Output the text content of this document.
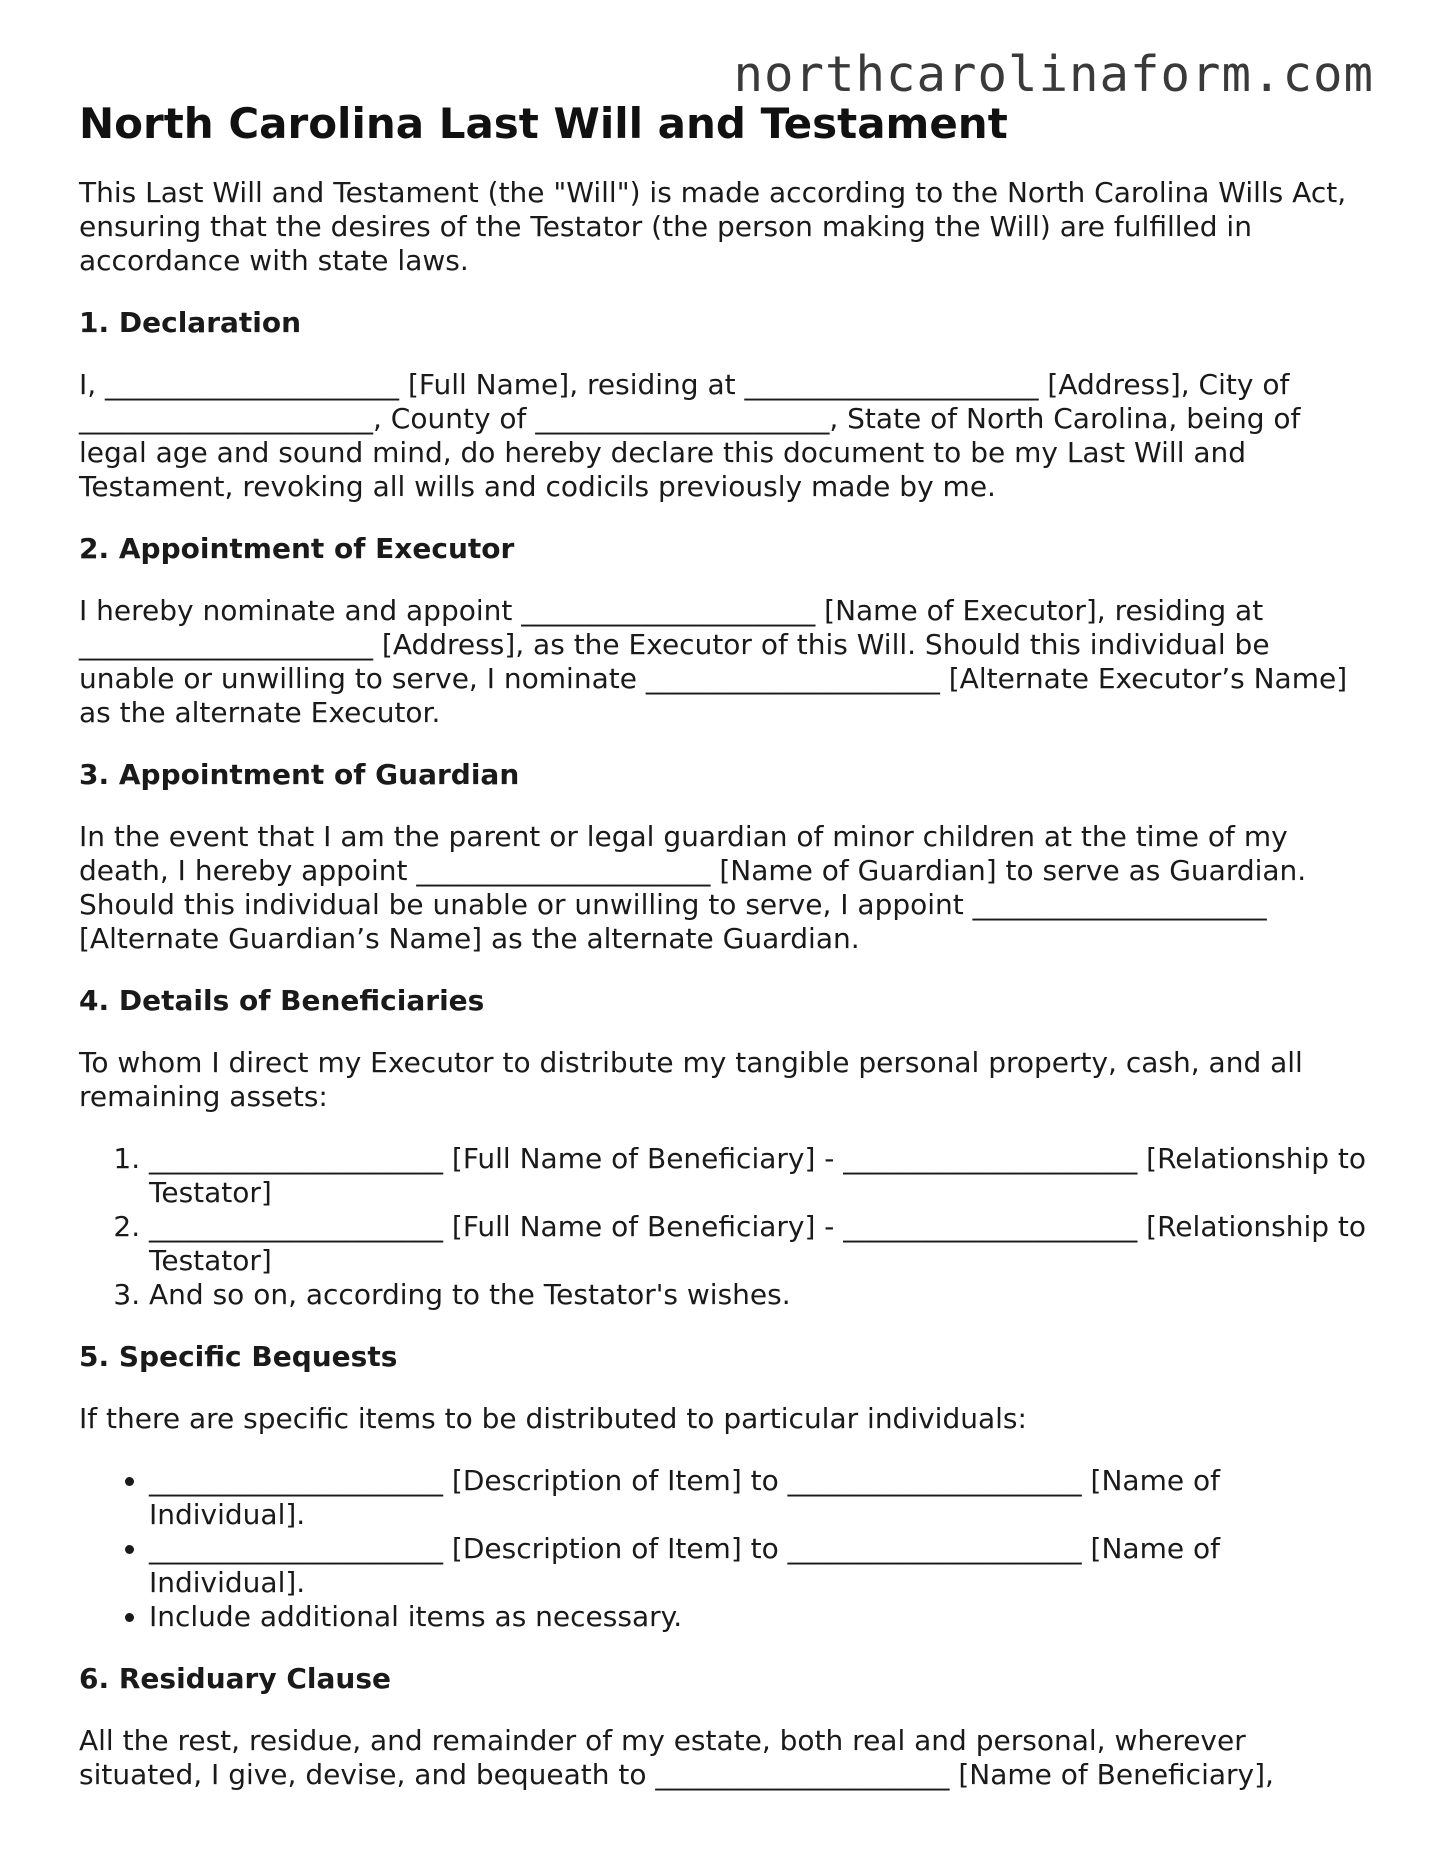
northcarolinaform.com
North Carolina Last Will and Testament

This Last Will and Testament (the "Will") is made according to the North Carolina Wills Act, ensuring that the desires of the Testator (the person making the Will) are fulfilled in accordance with state laws.

1. Declaration

I, _____________________ [Full Name], residing at _____________________ [Address], City of _____________________, County of _____________________, State of North Carolina, being of legal age and sound mind, do hereby declare this document to be my Last Will and Testament, revoking all wills and codicils previously made by me.

2. Appointment of Executor

I hereby nominate and appoint _____________________ [Name of Executor], residing at _____________________ [Address], as the Executor of this Will. Should this individual be unable or unwilling to serve, I nominate _____________________ [Alternate Executor’s Name] as the alternate Executor.

3. Appointment of Guardian

In the event that I am the parent or legal guardian of minor children at the time of my death, I hereby appoint _____________________ [Name of Guardian] to serve as Guardian. Should this individual be unable or unwilling to serve, I appoint _____________________ [Alternate Guardian’s Name] as the alternate Guardian.

4. Details of Beneficiaries

To whom I direct my Executor to distribute my tangible personal property, cash, and all remaining assets:

1. _____________________ [Full Name of Beneficiary] - _____________________ [Relationship to Testator]
2. _____________________ [Full Name of Beneficiary] - _____________________ [Relationship to Testator]
3. And so on, according to the Testator's wishes.
5. Specific Bequests

If there are specific items to be distributed to particular individuals:

• _____________________ [Description of Item] to _____________________ [Name of Individual].
• _____________________ [Description of Item] to _____________________ [Name of Individual].
• Include additional items as necessary.
6. Residuary Clause

All the rest, residue, and remainder of my estate, both real and personal, wherever situated, I give, devise, and bequeath to _____________________ [Name of Beneficiary],
